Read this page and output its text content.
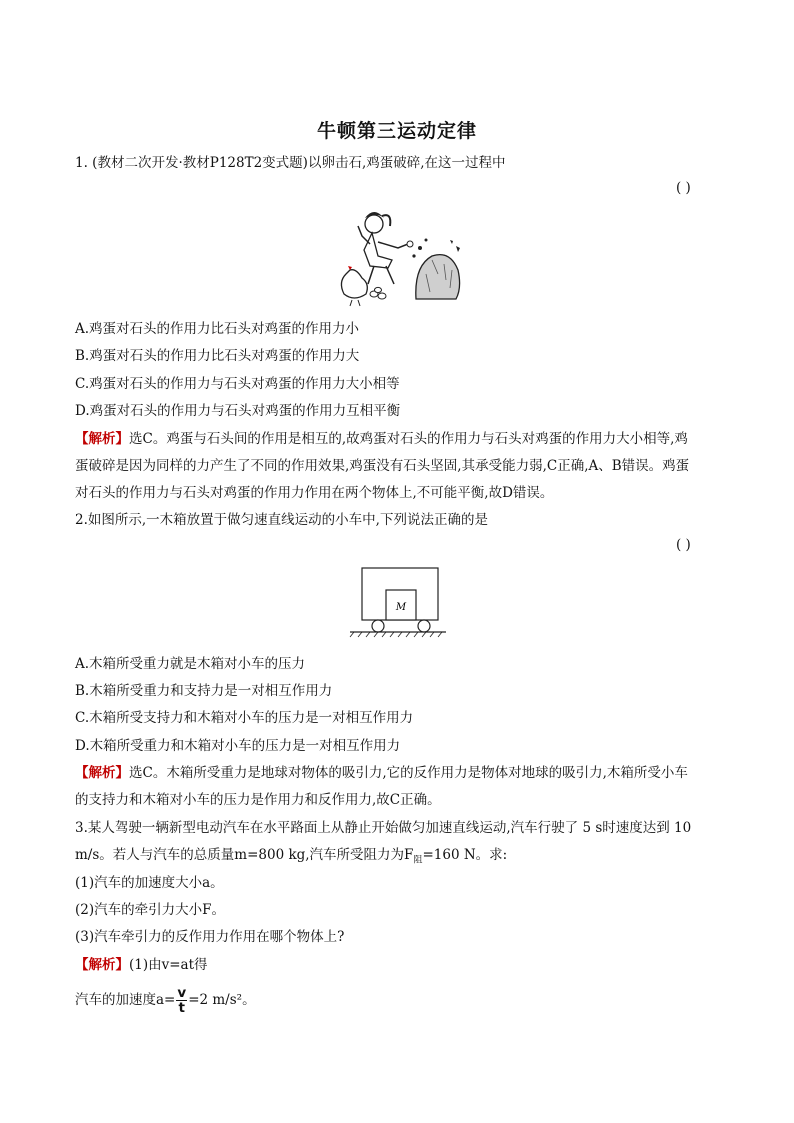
牛顿第三运动定律
1. (教材二次开发·教材P128T2变式题)以卵击石,鸡蛋破碎,在这一过程中
( )
A.鸡蛋对石头的作用力比石头对鸡蛋的作用力小
B.鸡蛋对石头的作用力比石头对鸡蛋的作用力大
C.鸡蛋对石头的作用力与石头对鸡蛋的作用力大小相等
D.鸡蛋对石头的作用力与石头对鸡蛋的作用力互相平衡
【解析】选C。鸡蛋与石头间的作用是相互的,故鸡蛋对石头的作用力与石头对鸡蛋的作用力大小相等,鸡
蛋破碎是因为同样的力产生了不同的作用效果,鸡蛋没有石头坚固,其承受能力弱,C正确,A、B错误。鸡蛋
对石头的作用力与石头对鸡蛋的作用力作用在两个物体上,不可能平衡,故D错误。
2.如图所示,一木箱放置于做匀速直线运动的小车中,下列说法正确的是
( )
M
A.木箱所受重力就是木箱对小车的压力
B.木箱所受重力和支持力是一对相互作用力
C.木箱所受支持力和木箱对小车的压力是一对相互作用力
D.木箱所受重力和木箱对小车的压力是一对相互作用力
【解析】选C。木箱所受重力是地球对物体的吸引力,它的反作用力是物体对地球的吸引力,木箱所受小车
的支持力和木箱对小车的压力是作用力和反作用力,故C正确。
3.某人驾驶一辆新型电动汽车在水平路面上从静止开始做匀加速直线运动,汽车行驶了 5 s时速度达到 10
m/s。若人与汽车的总质量m=800 kg,汽车所受阻力为$F_阻=160$ N。求:
(1)汽车的加速度大小a。
(2)汽车的牵引力大小F。
(3)汽车牵引力的反作用力作用在哪个物体上?
【解析】(1)由v=at得
汽车的加速度$a= \frac{v}{t} =2$ m/s²。
